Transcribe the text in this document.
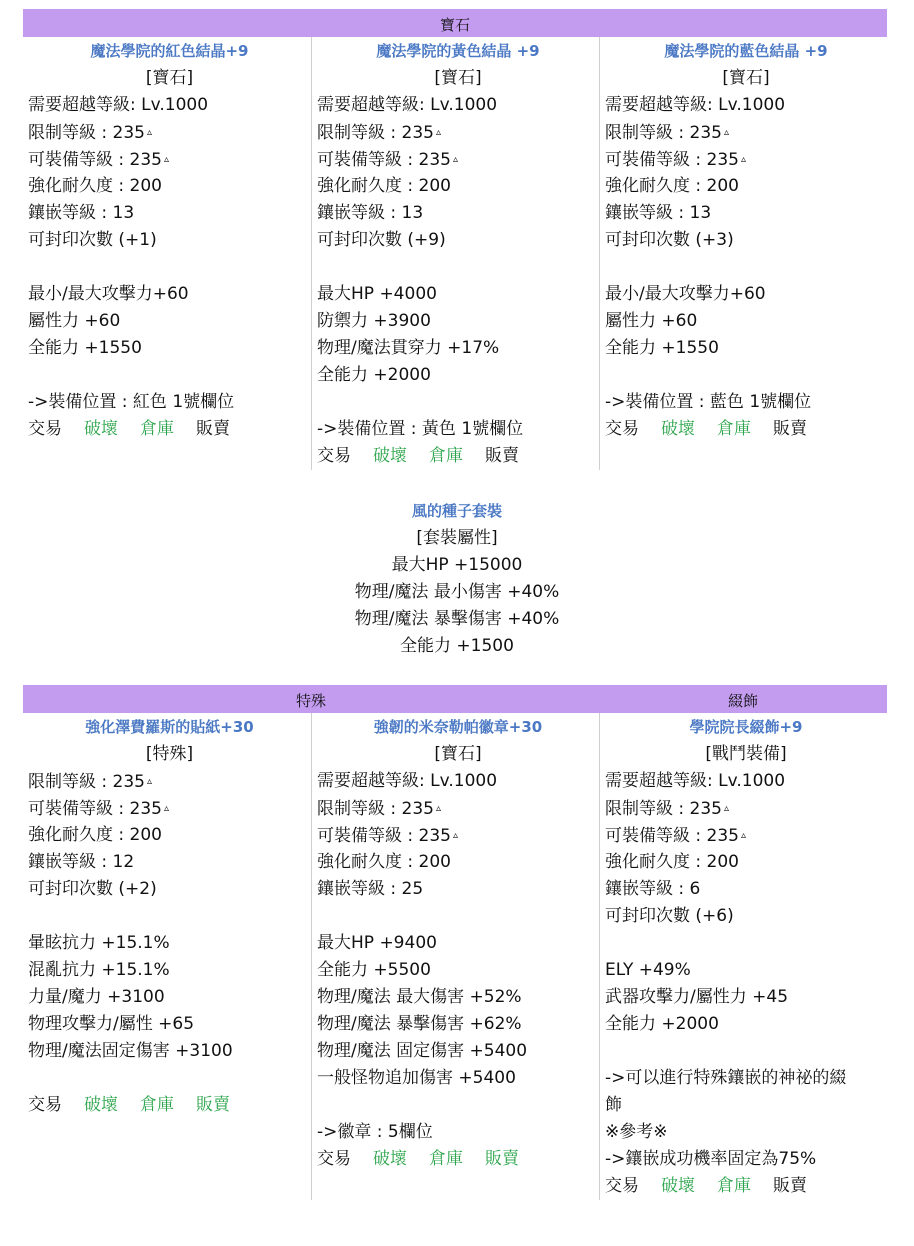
寶石
魔法學院的紅色結晶+9
[寶石]
需要超越等級: Lv.1000
限制等級 : 235 ▵
可裝備等級 : 235 ▵
強化耐久度 : 200
鑲嵌等級 : 13
可封印次數 (+1)
最小/最大攻擊力+60
屬性力 +60
全能力 +1550
->裝備位置 : 紅色 1號欄位
交易 破壞 倉庫 販賣
魔法學院的黃色結晶 +9
[寶石]
需要超越等級: Lv.1000
限制等級 : 235 ▵
可裝備等級 : 235 ▵
強化耐久度 : 200
鑲嵌等級 : 13
可封印次數 (+9)
最大HP +4000
防禦力 +3900
物理/魔法貫穿力 +17%
全能力 +2000
->裝備位置 : 黃色 1號欄位
交易 破壞 倉庫 販賣
魔法學院的藍色結晶 +9
[寶石]
需要超越等級: Lv.1000
限制等級 : 235 ▵
可裝備等級 : 235 ▵
強化耐久度 : 200
鑲嵌等級 : 13
可封印次數 (+3)
最小/最大攻擊力+60
屬性力 +60
全能力 +1550
->裝備位置 : 藍色 1號欄位
交易 破壞 倉庫 販賣
風的種子套裝
[套裝屬性]
最大HP +15000
物理/魔法 最小傷害 +40%
物理/魔法 暴擊傷害 +40%
全能力 +1500
特殊	綴飾
強化澤費羅斯的貼紙+30
[特殊]
限制等級 : 235 ▵
可裝備等級 : 235 ▵
強化耐久度 : 200
鑲嵌等級 : 12
可封印次數 (+2)
暈眩抗力 +15.1%
混亂抗力 +15.1%
力量/魔力 +3100
物理攻擊力/屬性 +65
物理/魔法固定傷害 +3100
交易 破壞 倉庫 販賣
強韌的米奈勒帕徽章+30
[寶石]
需要超越等級: Lv.1000
限制等級 : 235 ▵
可裝備等級 : 235 ▵
強化耐久度 : 200
鑲嵌等級 : 25
最大HP +9400
全能力 +5500
物理/魔法 最大傷害 +52%
物理/魔法 暴擊傷害 +62%
物理/魔法 固定傷害 +5400
一般怪物追加傷害 +5400
->徽章 : 5欄位
交易 破壞 倉庫 販賣
學院院長綴飾+9
[戰鬥裝備]
需要超越等級: Lv.1000
限制等級 : 235 ▵
可裝備等級 : 235 ▵
強化耐久度 : 200
鑲嵌等級 : 6
可封印次數 (+6)
ELY +49%
武器攻擊力/屬性力 +45
全能力 +2000
->可以進行特殊鑲嵌的神祕的綴
飾
※參考※
->鑲嵌成功機率固定為75%
交易 破壞 倉庫 販賣
